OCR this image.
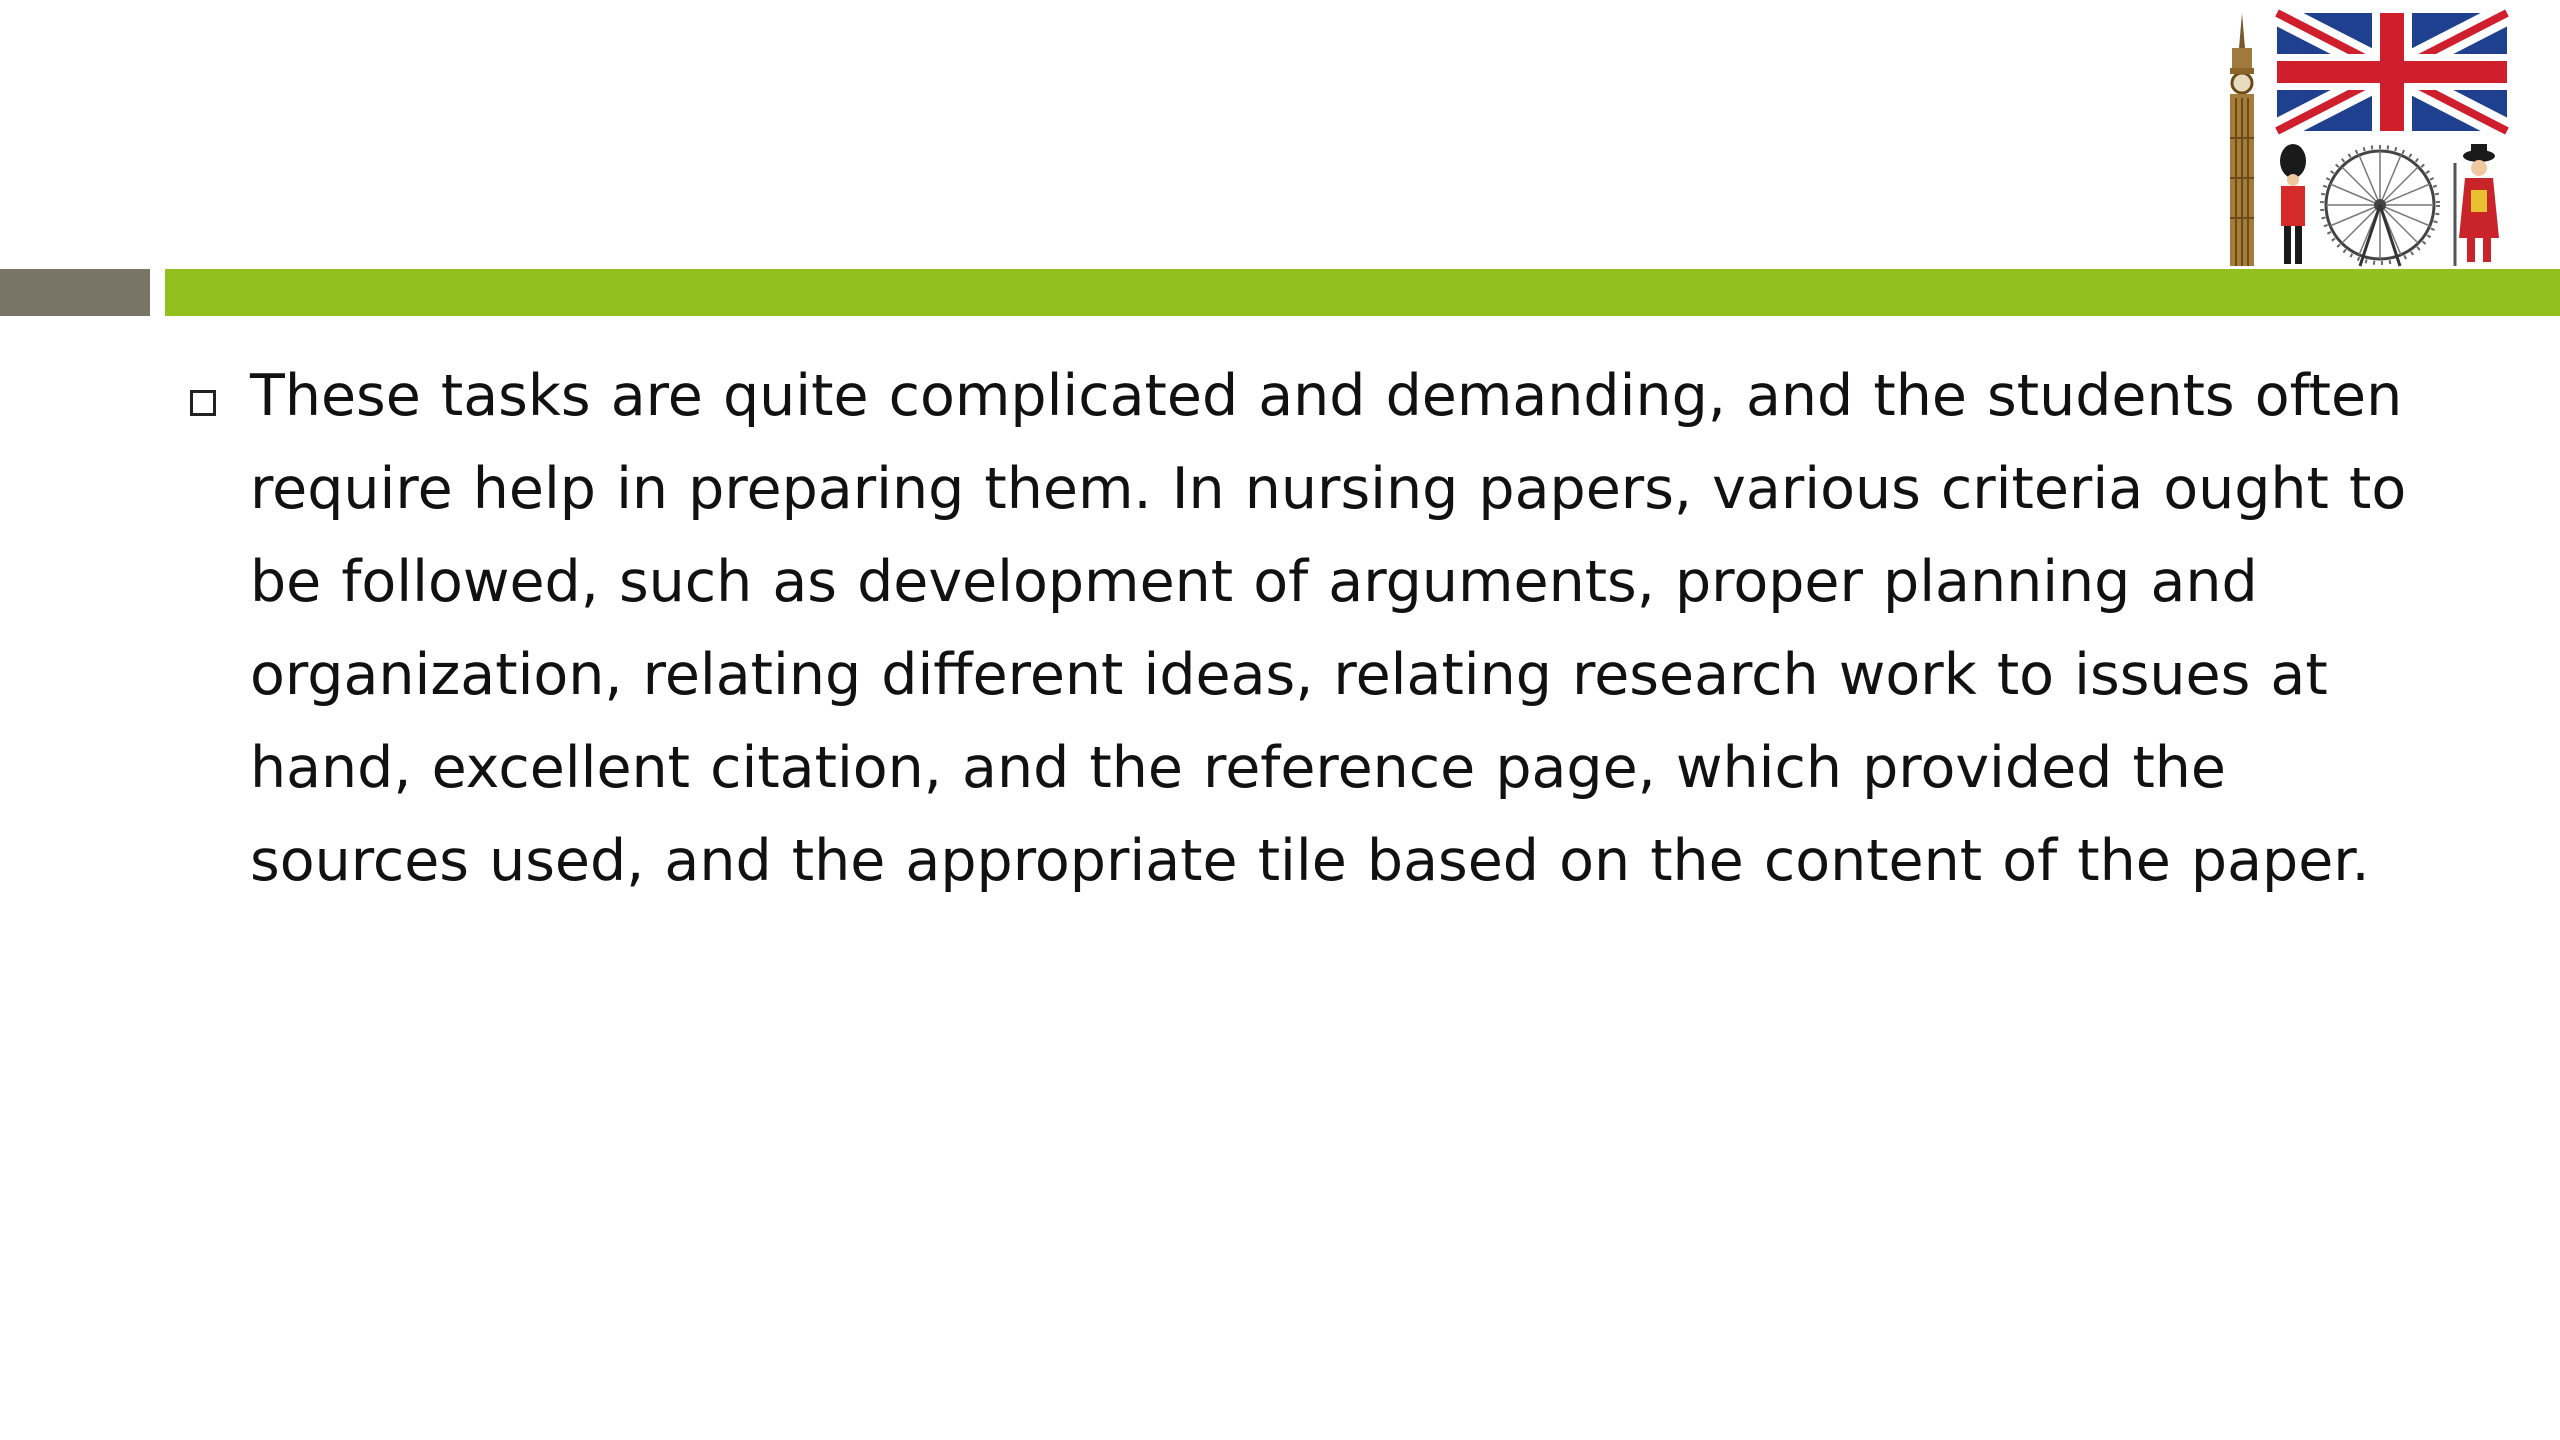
These tasks are quite complicated and demanding, and the students often require help in preparing them. In nursing papers, various criteria ought to be followed, such as development of arguments, proper planning and organization, relating different ideas, relating research work to issues at hand, excellent citation, and the reference page, which provided the sources used, and the appropriate tile based on the content of the paper.
